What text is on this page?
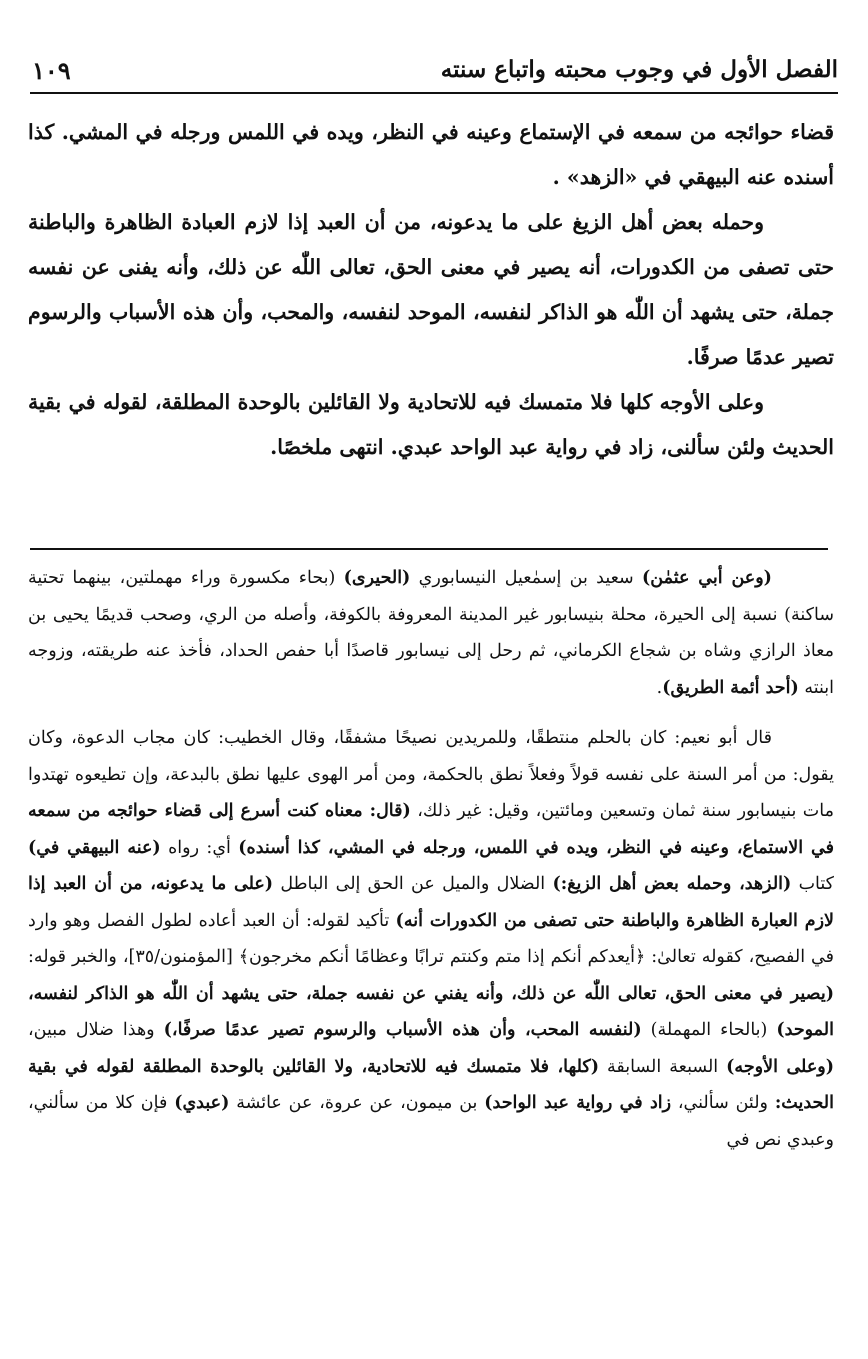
الفصل الأول في وجوب محبته واتباع سنته
١٠٩

قضاء حوائجه من سمعه في الإستماع وعينه في النظر، ويده في اللمس ورجله في المشي. كذا أسنده عنه البيهقي في «الزهد» .

وحمله بعض أهل الزيغ على ما يدعونه، من أن العبد إذا لازم العبادة الظاهرة والباطنة حتى تصفى من الكدورات، أنه يصير في معنى الحق، تعالى اللّٰه عن ذلك، وأنه يفنى عن نفسه جملة، حتى يشهد أن اللّٰه هو الذاكر لنفسه، الموحد لنفسه، والمحب، وأن هذه الأسباب والرسوم تصير عدمًا صرفًا.

وعلى الأوجه كلها فلا متمسك فيه للاتحادية ولا القائلين بالوحدة المطلقة، لقوله في بقية الحديث ولئن سألنى، زاد في رواية عبد الواحد عبدي. انتهى ملخصًا.

(وعن أبي عثمٰن) سعيد بن إسمٰعيل النيسابوري (الحيرى) (بحاء مكسورة وراء مهملتين، بينهما تحتية ساكنة) نسبة إلى الحيرة، محلة بنيسابور غير المدينة المعروفة بالكوفة، وأصله من الري، وصحب قديمًا يحيى بن معاذ الرازي وشاه بن شجاع الكرماني، ثم رحل إلى نيسابور قاصدًا أبا حفص الحداد، فأخذ عنه طريقته، وزوجه ابنته (أحد أئمة الطريق).

قال أبو نعيم: كان بالحلم منتطقًا، وللمريدين نصيحًا مشفقًا، وقال الخطيب: كان مجاب الدعوة، وكان يقول: من أمر السنة على نفسه قولاً وفعلاً نطق بالحكمة، ومن أمر الهوى عليها نطق بالبدعة، وإن تطيعوه تهتدوا مات بنيسابور سنة ثمان وتسعين ومائتين، وقيل: غير ذلك، (قال: معناه كنت أسرع إلى قضاء حوائجه من سمعه في الاستماع، وعينه في النظر، ويده في اللمس، ورجله في المشي، كذا أسنده) أي: رواه (عنه البيهقي في) كتاب (الزهد، وحمله بعض أهل الزيغ:) الضلال والميل عن الحق إلى الباطل (على ما يدعونه، من أن العبد إذا لازم العبارة الظاهرة والباطنة حتى تصفى من الكدورات أنه) تأكيد لقوله: أن العبد أعاده لطول الفصل وهو وارد في الفصيح، كقوله تعالىٰ: ﴿أيعدكم أنكم إذا متم وكنتم ترابًا وعظامًا أنكم مخرجون﴾ [المؤمنون/٣٥]، والخبر قوله: (يصير في معنى الحق، تعالى اللّٰه عن ذلك، وأنه يفني عن نفسه جملة، حتى يشهد أن اللّٰه هو الذاكر لنفسه، الموحد) (بالحاء المهملة) (لنفسه المحب، وأن هذه الأسباب والرسوم تصير عدمًا صرفًا،) وهذا ضلال مبين، (وعلى الأوجه) السبعة السابقة (كلها، فلا متمسك فيه للاتحادية، ولا القائلين بالوحدة المطلقة لقوله في بقية الحديث: ولئن سألني، زاد في رواية عبد الواحد) بن ميمون، عن عروة، عن عائشة (عبدي) فإن كلا من سألني، وعبدي نص في
